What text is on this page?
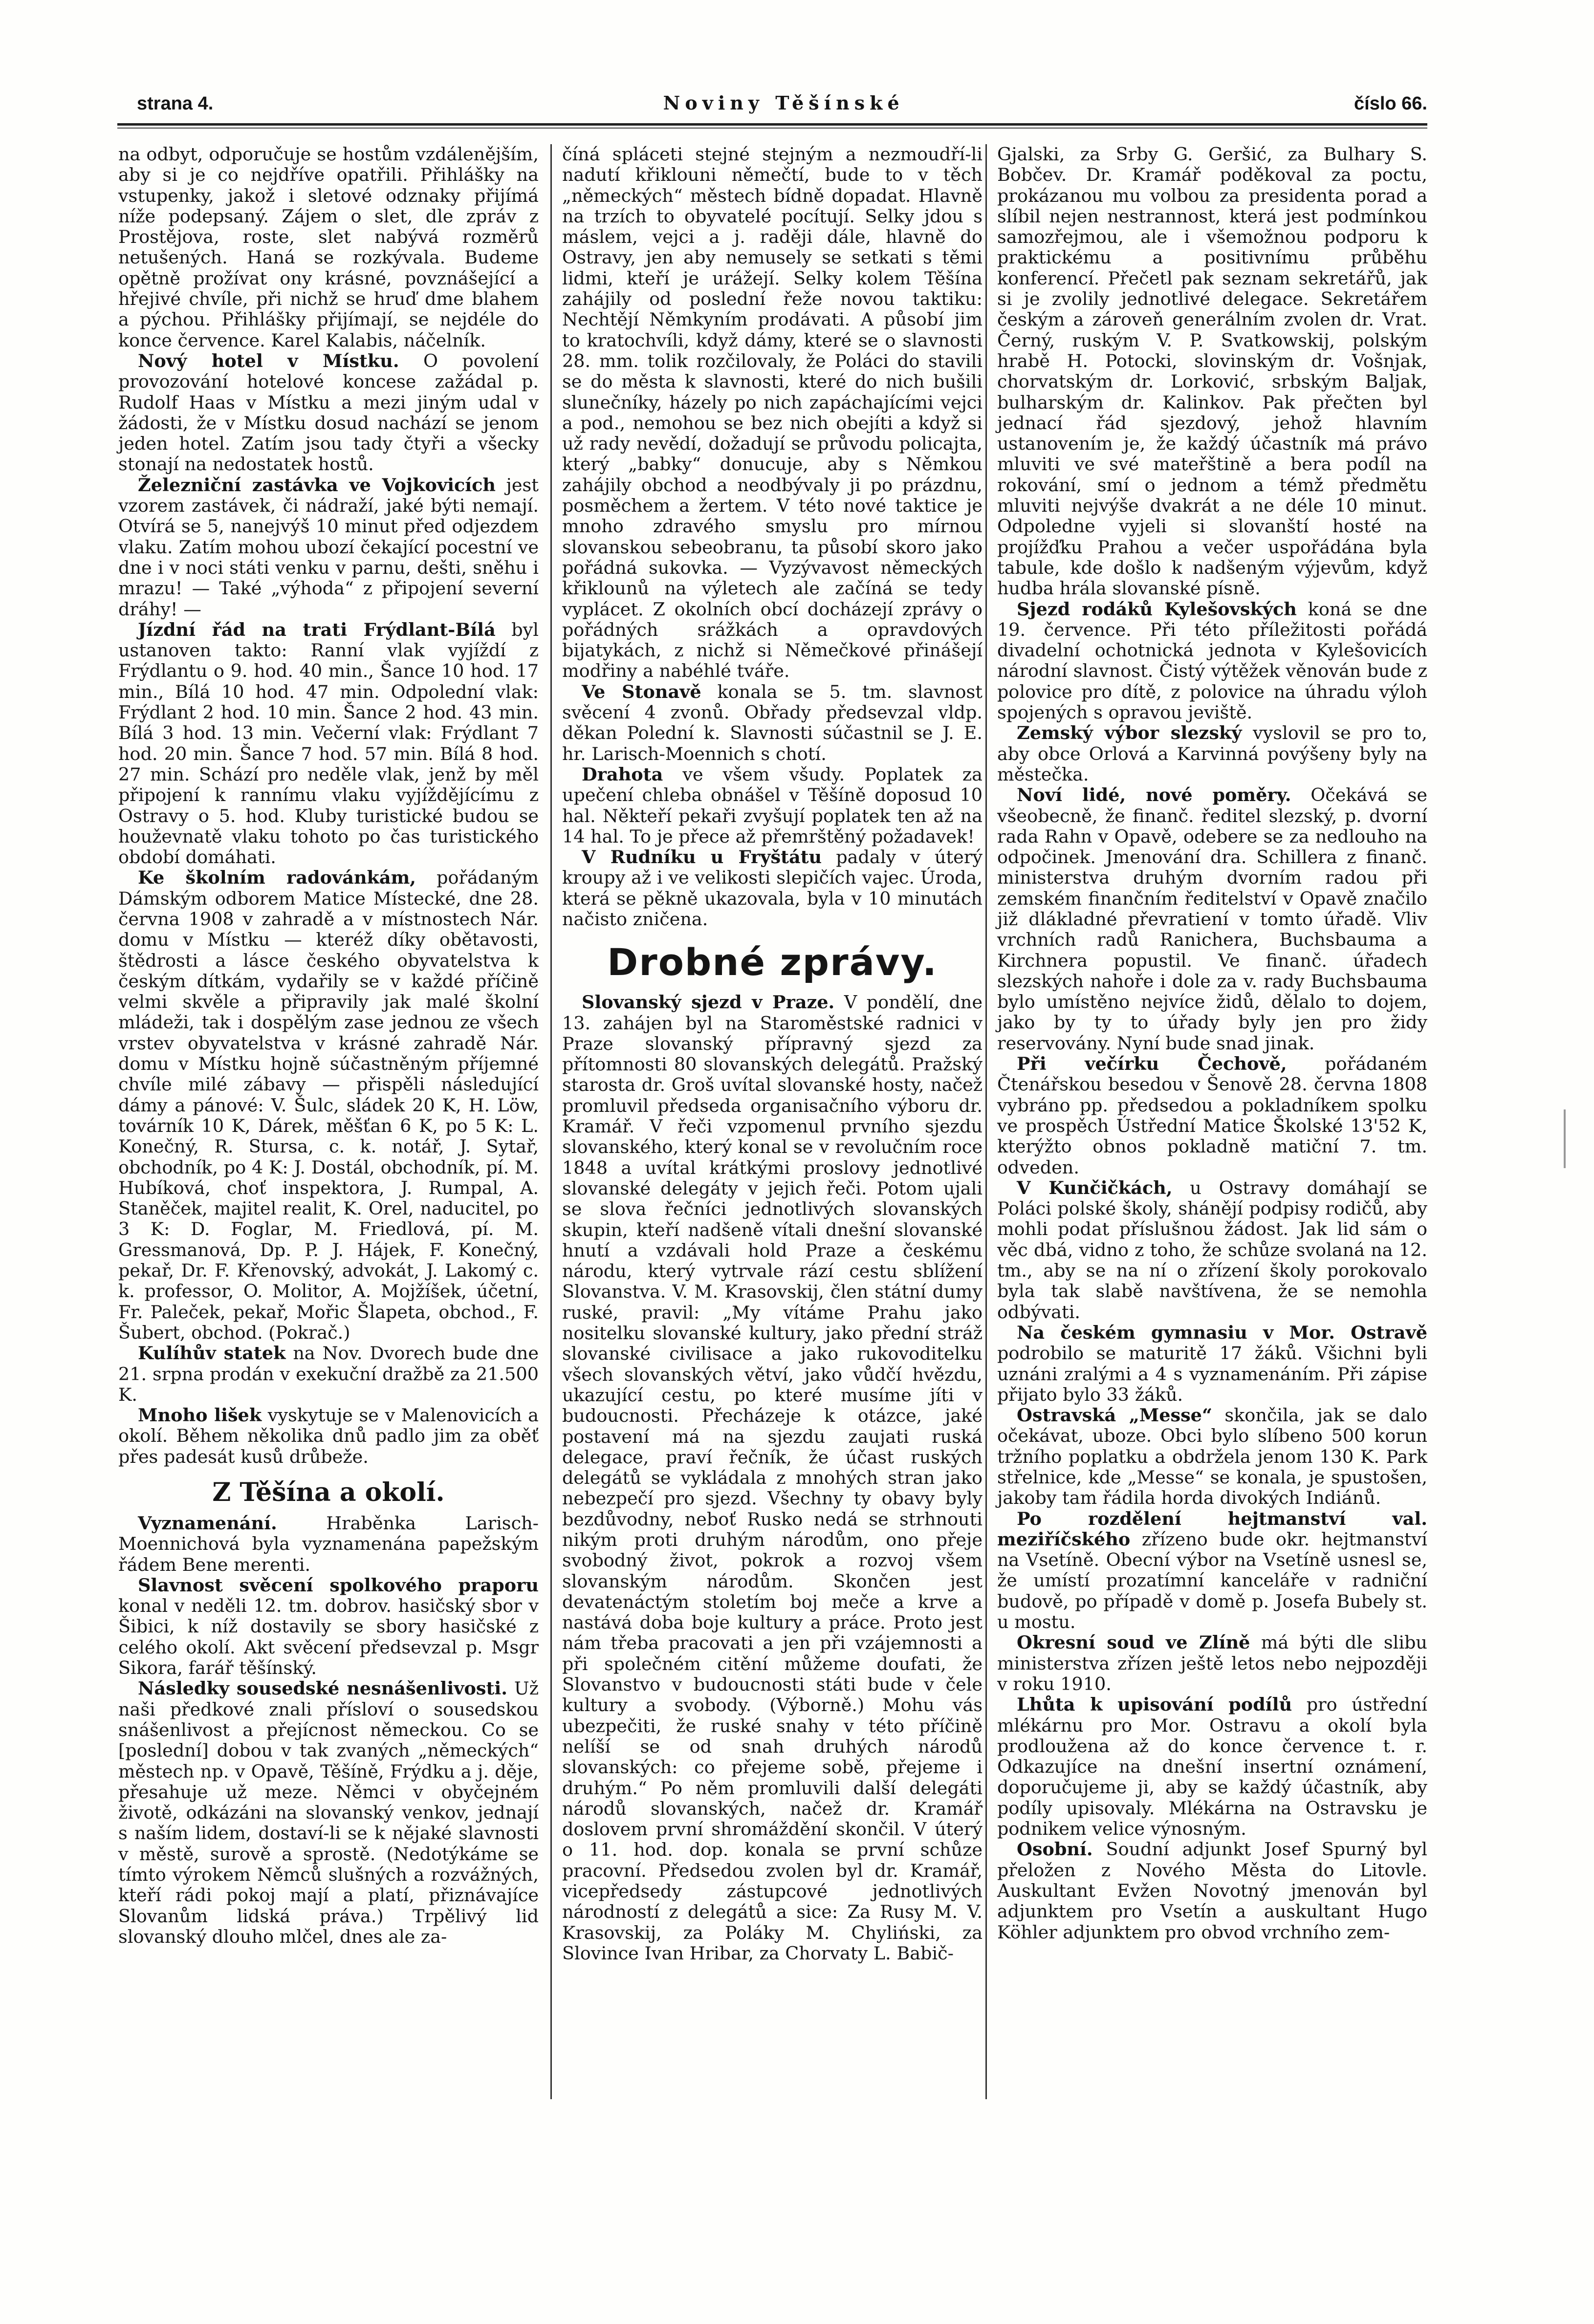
strana 4.	Noviny Těšínské	číslo 66.

na odbyt, odporučuje se hostům vzdálenějším, aby si je co nejdříve opatřili. Přihlášky na vstupenky, jakož i sletové odznaky přijímá níže podepsaný. Zájem o slet, dle zpráv z Prostějova, roste, slet nabývá rozměrů netušených. Haná se rozkývala. Budeme opětně prožívat ony krásné, povznášející a hřejivé chvíle, při nichž se hruď dme blahem a pýchou. Přihlášky přijímají, se nejdéle do konce července. Karel Kalabis, náčelník.

Nový hotel v Místku. O povolení provozování hotelové koncese zažádal p. Rudolf Haas v Místku a mezi jiným udal v žádosti, že v Místku dosud nachází se jenom jeden hotel. Zatím jsou tady čtyři a všecky stonají na nedostatek hostů.

Železniční zastávka ve Vojkovicích jest vzorem zastávek, či nádraží, jaké býti nemají. Otvírá se 5, nanejvýš 10 minut před odjezdem vlaku. Zatím mohou ubozí čekající pocestní ve dne i v noci státi venku v parnu, dešti, sněhu i mrazu! — Také „výhoda“ z připojení severní dráhy! —

Jízdní řád na trati Frýdlant-Bílá byl ustanoven takto: Ranní vlak vyjíždí z Frýdlantu o 9. hod. 40 min., Šance 10 hod. 17 min., Bílá 10 hod. 47 min. Odpolední vlak: Frýdlant 2 hod. 10 min. Šance 2 hod. 43 min. Bílá 3 hod. 13 min. Večerní vlak: Frýdlant 7 hod. 20 min. Šance 7 hod. 57 min. Bílá 8 hod. 27 min. Schází pro neděle vlak, jenž by měl připojení k rannímu vlaku vyjíždějícímu z Ostravy o 5. hod. Kluby turistické budou se houževnatě vlaku tohoto po čas turistického období domáhati.

Ke školním radovánkám, pořádaným Dámským odborem Matice Místecké, dne 28. června 1908 v zahradě a v místnostech Nár. domu v Místku — kteréž díky obětavosti, štědrosti a lásce českého obyvatelstva k českým dítkám, vydařily se v každé příčině velmi skvěle a připravily jak malé školní mládeži, tak i dospělým zase jednou ze všech vrstev obyvatelstva v krásné zahradě Nár. domu v Místku hojně súčastněným příjemné chvíle milé zábavy — přispěli následující dámy a pánové: V. Šulc, sládek 20 K, H. Löw, továrník 10 K, Dárek, měšťan 6 K, po 5 K: L. Konečný, R. Stursa, c. k. notář, J. Sytař, obchodník, po 4 K: J. Dostál, obchodník, pí. M. Hubíková, choť inspektora, J. Rumpal, A. Staněček, majitel realit, K. Orel, naducitel, po 3 K: D. Foglar, M. Friedlová, pí. M. Gressmanová, Dp. P. J. Hájek, F. Konečný, pekař, Dr. F. Křenovský, advokát, J. Lakomý c. k. professor, O. Molitor, A. Mojžíšek, účetní, Fr. Paleček, pekař, Mořic Šlapeta, obchod., F. Šubert, obchod. (Pokrač.)

Kulíhův statek na Nov. Dvorech bude dne 21. srpna prodán v exekuční dražbě za 21.500 K.

Mnoho lišek vyskytuje se v Malenovicích a okolí. Během několika dnů padlo jim za oběť přes padesát kusů drůbeže.

Z Těšína a okolí.

Vyznamenání.	Hraběnka Larisch-Moennichová byla vyznamenána papežským řádem Bene merenti.

Slavnost svěcení spolkového praporu konal v neděli 12. tm. dobrov. hasičský sbor v Šibici, k níž dostavily se sbory hasičské z celého okolí. Akt svěcení předsevzal p. Msgr Sikora, farář těšínský.

Následky sousedské nesnášenlivosti. Už naši předkové znali přísloví o sousedskou snášenlivost a přejícnost německou. Co se [poslední] dobou v tak zvaných „německých“ městech np. v Opavě, Těšíně, Frýdku a j. děje, přesahuje už meze. Němci v obyčejném životě, odkázáni na slovanský venkov, jednají s naším lidem, dostaví-li se k nějaké slavnosti v městě, surově a sprostě. (Nedotýkáme se tímto výrokem Němců slušných a rozvážných, kteří rádi pokoj mají a platí, přiznávajíce Slovanům lidská práva.) Trpělivý lid slovanský dlouho mlčel, dnes ale za-

číná spláceti stejné stejným a nezmoudří-li nadutí křiklouni němečtí, bude to v těch „německých“ městech bídně dopadat. Hlavně na trzích to obyvatelé pocítují. Selky jdou s máslem, vejci a j. raději dále, hlavně do Ostravy, jen aby nemusely se setkati s těmi lidmi, kteří je urážejí. Selky kolem Těšína zahájily od poslední řeže novou taktiku: Nechtějí Němkyním prodávati. A působí jim to kratochvíli, když dámy, které se o slavnosti 28. mm. tolik rozčilovaly, že Poláci do stavili se do města k slavnosti, které do nich bušili slunečníky, házely po nich zapáchajícími vejci a pod., nemohou se bez nich obejíti a když si už rady nevědí, dožadují se průvodu policajta, který „babky“ donucuje, aby s Němkou zahájily obchod a neodbývaly ji po prázdnu, posměchem a žertem. V této nové taktice je mnoho zdravého smyslu pro mírnou slovanskou sebeobranu, ta působí skoro jako pořádná sukovka. — Vyzývavost německých křiklounů na výletech ale začíná se tedy vyplácet. Z okolních obcí docházejí zprávy o pořádných srážkách a opravdových bijatykách, z nichž si Němečkové přinášejí modřiny a nabéhlé tváře.

Ve Stonavě konala se 5. tm. slavnost svěcení 4 zvonů. Obřady předsevzal vldp. děkan Polední k. Slavnosti súčastnil se J. E. hr. Larisch-Moennich s chotí.

Drahota ve všem všudy. Poplatek za upečení chleba obnášel v Těšíně doposud 10 hal. Někteří pekaři zvyšují poplatek ten až na 14 hal. To je přece až přemrštěný požadavek!

V Rudníku u Fryštátu padaly v úterý kroupy až i ve velikosti slepičích vajec. Úroda, která se pěkně ukazovala, byla v 10 minutách načisto zničena.

Drobné zprávy.

Slovanský sjezd v Praze. V pondělí, dne 13. zahájen byl na Staroměstské radnici v Praze slovanský přípravný sjezd za přítomnosti 80 slovanských delegátů. Pražský starosta dr. Groš uvítal slovanské hosty, načež promluvil předseda organisačního výboru dr. Kramář. V řeči vzpomenul prvního sjezdu slovanského, který konal se v revolučním roce 1848 a uvítal krátkými proslovy jednotlivé slovanské delegáty v jejich řeči. Potom ujali se slova řečníci jednotlivých slovanských skupin, kteří nadšeně vítali dnešní slovanské hnutí a vzdávali hold Praze a českému národu, který vytrvale rází cestu sblížení Slovanstva. V. M. Krasovskij, člen státní dumy ruské, pravil: „My vítáme Prahu jako nositelku slovanské kultury, jako přední stráž slovanské civilisace a jako rukovoditelku všech slovanských větví, jako vůdčí hvězdu, ukazující cestu, po které musíme jíti v budoucnosti. Přecházeje k otázce, jaké postavení má na sjezdu zaujati ruská delegace, praví řečník, že účast ruských delegátů se vykládala z mnohých stran jako nebezpečí pro sjezd. Všechny ty obavy byly bezdůvodny, neboť Rusko nedá se strhnouti nikým proti druhým národům, ono přeje svobodný život, pokrok a rozvoj všem slovanským národům. Skončen jest devatenáctým stoletím boj meče a krve a nastává doba boje kultury a práce. Proto jest nám třeba pracovati a jen při vzájemnosti a při společném citění můžeme doufati, že Slovanstvo v budoucnosti státi bude v čele kultury a svobody. (Výborně.) Mohu vás ubezpečiti, že ruské snahy v této příčině nelíší se od snah druhých národů slovanských: co přejeme sobě, přejeme i druhým.“ Po něm promluvili další delegáti národů slovanských, načež dr. Kramář doslovem první shromáždění skončil. V úterý o 11. hod. dop. konala se první schůze pracovní. Předsedou zvolen byl dr. Kramář, vicepředsedy zástupcové jednotlivých národností z delegátů a sice: Za Rusy M. V. Krasovskij, za Poláky M. Chyliński, za Slovince Ivan Hribar, za Chorvaty L. Babič-

Gjalski, za Srby G. Geršić, za Bulhary S. Bobčev. Dr. Kramář poděkoval za poctu, prokázanou mu volbou za presidenta porad a slíbil nejen nestrannost, která jest podmínkou samozřejmou, ale i všemožnou podporu k praktickému a positivnímu průběhu konferencí. Přečetl pak seznam sekretářů, jak si je zvolily jednotlivé delegace. Sekretářem českým a zároveň generálním zvolen dr. Vrat. Černý, ruským V. P. Svatkowskij, polským hrabě H. Potocki, slovinským dr. Vošnjak, chorvatským dr. Lorković, srbským Baljak, bulharským dr. Kalinkov. Pak přečten byl jednací řád sjezdový, jehož hlavním ustanovením je, že každý účastník má právo mluviti ve své mateřštině a bera podíl na rokování, smí o jednom a témž předmětu mluviti nejvýše dvakrát a ne déle 10 minut. Odpoledne vyjeli si slovanští hosté na projížďku Prahou a večer uspořádána byla tabule, kde došlo k nadšeným výjevům, když hudba hrála slovanské písně.

Sjezd rodáků Kylešovských koná se dne 19. července. Při této příležitosti pořádá divadelní ochotnická jednota v Kylešovicích národní slavnost. Čistý výtěžek věnován bude z polovice pro dítě, z polovice na úhradu výloh spojených s opravou jeviště.

Zemský výbor slezský vyslovil se pro to, aby obce Orlová a Karvinná povýšeny byly na městečka.

Noví lidé, nové poměry. Očekává se všeobecně, že finanč. ředitel slezský, p. dvorní rada Rahn v Opavě, odebere se za nedlouho na odpočinek. Jmenování dra. Schillera z finanč. ministerstva druhým dvorním radou při zemském finančním ředitelství v Opavě značilo již dlákladné převratiení v tomto úřadě. Vliv vrchních radů Ranichera, Buchsbauma a Kirchnera popustil. Ve finanč. úřadech slezských nahoře i dole za v. rady Buchsbauma bylo umístěno nejvíce židů, dělalo to dojem, jako by ty to úřady byly jen pro židy reservovány. Nyní bude snad jinak.

Při večírku Čechově, pořádaném Čtenářskou besedou v Šenově 28. června 1808 vybráno pp. předsedou a pokladníkem spolku ve prospěch Ústřední Matice Školské 13'52 K, kterýžto obnos pokladně matiční 7. tm. odveden.

V Kunčičkách, u Ostravy domáhají se Poláci polské školy, shánějí podpisy rodičů, aby mohli podat příslušnou žádost. Jak lid sám o věc dbá, vidno z toho, že schůze svolaná na 12. tm., aby se na ní o zřízení školy porokovalo byla tak slabě navštívena, že se nemohla odbývati.

Na českém gymnasiu v Mor. Ostravě podrobilo se maturitě 17 žáků. Všichni byli uznáni zralými a 4 s vyznamenáním. Při zápise přijato bylo 33 žáků.

Ostravská „Messe“ skončila, jak se dalo očekávat, uboze. Obci bylo slíbeno 500 korun tržního poplatku a obdržela jenom 130 K. Park střelnice, kde „Messe“ se konala, je spustošen, jakoby tam řádila horda divokých Indiánů.

Po rozdělení hejtmanství val. meziříčského zřízeno bude okr. hejtmanství na Vsetíně. Obecní výbor na Vsetíně usnesl se, že umístí prozatímní kanceláře v radniční budově, po případě v domě p. Josefa Bubely st. u mostu.

Okresní soud ve Zlíně má býti dle slibu ministerstva zřízen ještě letos nebo nejpozději v roku 1910.

Lhůta k upisování podílů pro ústřední mlékárnu pro Mor. Ostravu a okolí byla prodloužena až do konce července t. r. Odkazujíce na dnešní insertní oznámení, doporučujeme ji, aby se každý účastník, aby podíly upisovaly. Mlékárna na Ostravsku je podnikem velice výnosným.

Osobní. Soudní adjunkt Josef Spurný byl přeložen z Nového Města do Litovle. Auskultant Evžen Novotný jmenován byl adjunktem pro Vsetín a auskultant Hugo Köhler adjunktem pro obvod vrchního zem-
